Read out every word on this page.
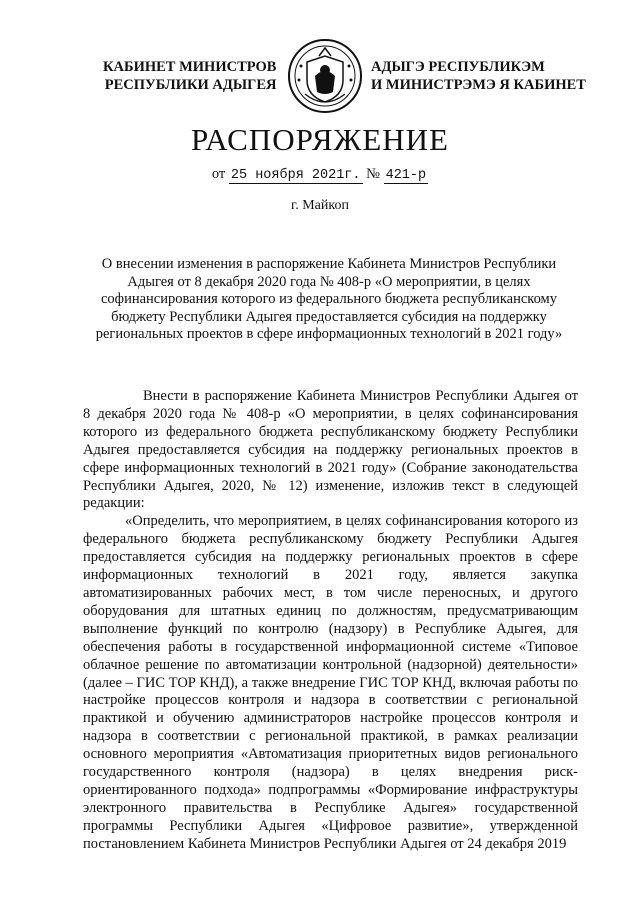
КАБИНЕТ МИНИСТРОВ
РЕСПУБЛИКИ АДЫГЕЯ
АДЫГЭ РЕСПУБЛИКЭМ
И МИНИСТРЭМЭ Я КАБИНЕТ
РАСПОРЯЖЕНИЕ
от 25 ноября 2021г. № 421-р
г. Майкоп
О внесении изменения в распоряжение Кабинета Министров Республики Адыгея от 8 декабря 2020 года № 408-р «О мероприятии, в целях софинансирования которого из федерального бюджета республиканскому бюджету Республики Адыгея предоставляется субсидия на поддержку региональных проектов в сфере информационных технологий в 2021 году»

Внести в распоряжение Кабинета Министров Республики Адыгея от 8 декабря 2020 года № 408-р «О мероприятии, в целях софинансирования которого из федерального бюджета республиканскому бюджету Республики Адыгея предоставляется субсидия на поддержку региональных проектов в сфере информационных технологий в 2021 году» (Собрание законодательства Республики Адыгея, 2020, № 12) изменение, изложив текст в следующей редакции:

«Определить, что мероприятием, в целях софинансирования которого из федерального бюджета республиканскому бюджету Республики Адыгея предоставляется субсидия на поддержку региональных проектов в сфере информационных технологий в 2021 году, является закупка автоматизированных рабочих мест, в том числе переносных, и другого оборудования для штатных единиц по должностям, предусматривающим выполнение функций по контролю (надзору) в Республике Адыгея, для обеспечения работы в государственной информационной системе «Типовое облачное решение по автоматизации контрольной (надзорной) деятельности» (далее – ГИС ТОР КНД), а также внедрение ГИС ТОР КНД, включая работы по настройке процессов контроля и надзора в соответствии с региональной практикой и обучению администраторов настройке процессов контроля и надзора в соответствии с региональной практикой, в рамках реализации основного мероприятия «Автоматизация приоритетных видов регионального государственного контроля (надзора) в целях внедрения риск-ориентированного подхода» подпрограммы «Формирование инфраструктуры электронного правительства в Республике Адыгея» государственной программы Республики Адыгея «Цифровое развитие», утвержденной постановлением Кабинета Министров Республики Адыгея от 24 декабря 2019
